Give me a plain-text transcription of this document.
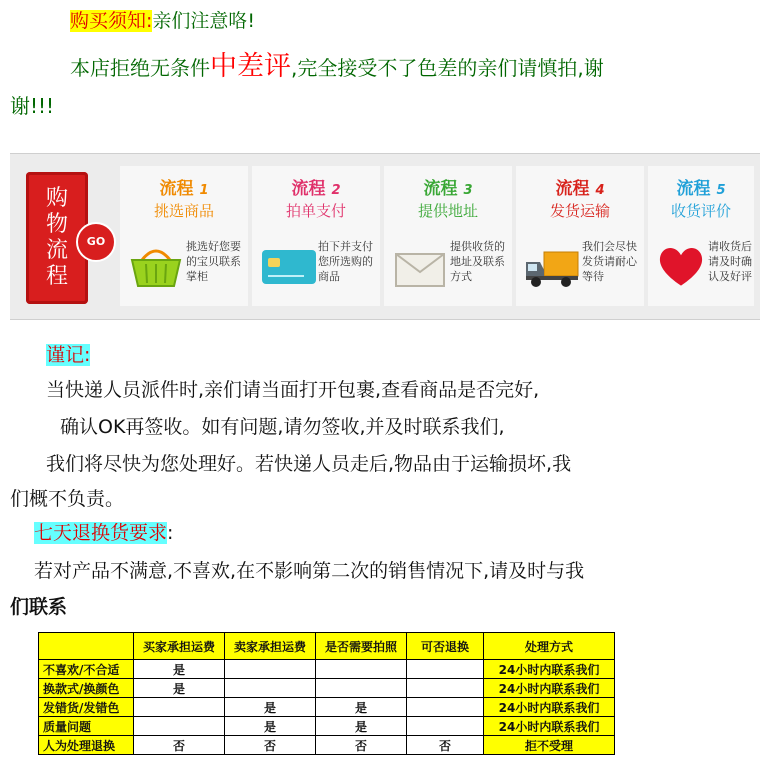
购买须知:亲们注意咯!
本店拒绝无条件中差评,完全接受不了色差的亲们请慎拍,谢
谢!!!
购物流程
GO
流程 1
挑选商品
挑选好您要的宝贝联系掌柜
流程 2
拍单支付
拍下并支付您所选购的商品
流程 3
提供地址
提供收货的地址及联系方式
流程 4
发货运输
我们会尽快发货请耐心等待
流程 5
收货评价
请收货后请及时确认及好评
谨记:
当快递人员派件时,亲们请当面打开包裹,查看商品是否完好,
确认OK再签收。如有问题,请勿签收,并及时联系我们,
我们将尽快为您处理好。若快递人员走后,物品由于运输损坏,我
们概不负责。
七天退换货要求:
若对产品不满意,不喜欢,在不影响第二次的销售情况下,请及时与我
们联系
	买家承担运费	卖家承担运费	是否需要拍照	可否退换	处理方式
不喜欢/不合适	是				24小时内联系我们
换款式/换颜色	是				24小时内联系我们
发错货/发错色		是	是		24小时内联系我们
质量问题		是	是		24小时内联系我们
人为处理退换	否	否	否	否	拒不受理
